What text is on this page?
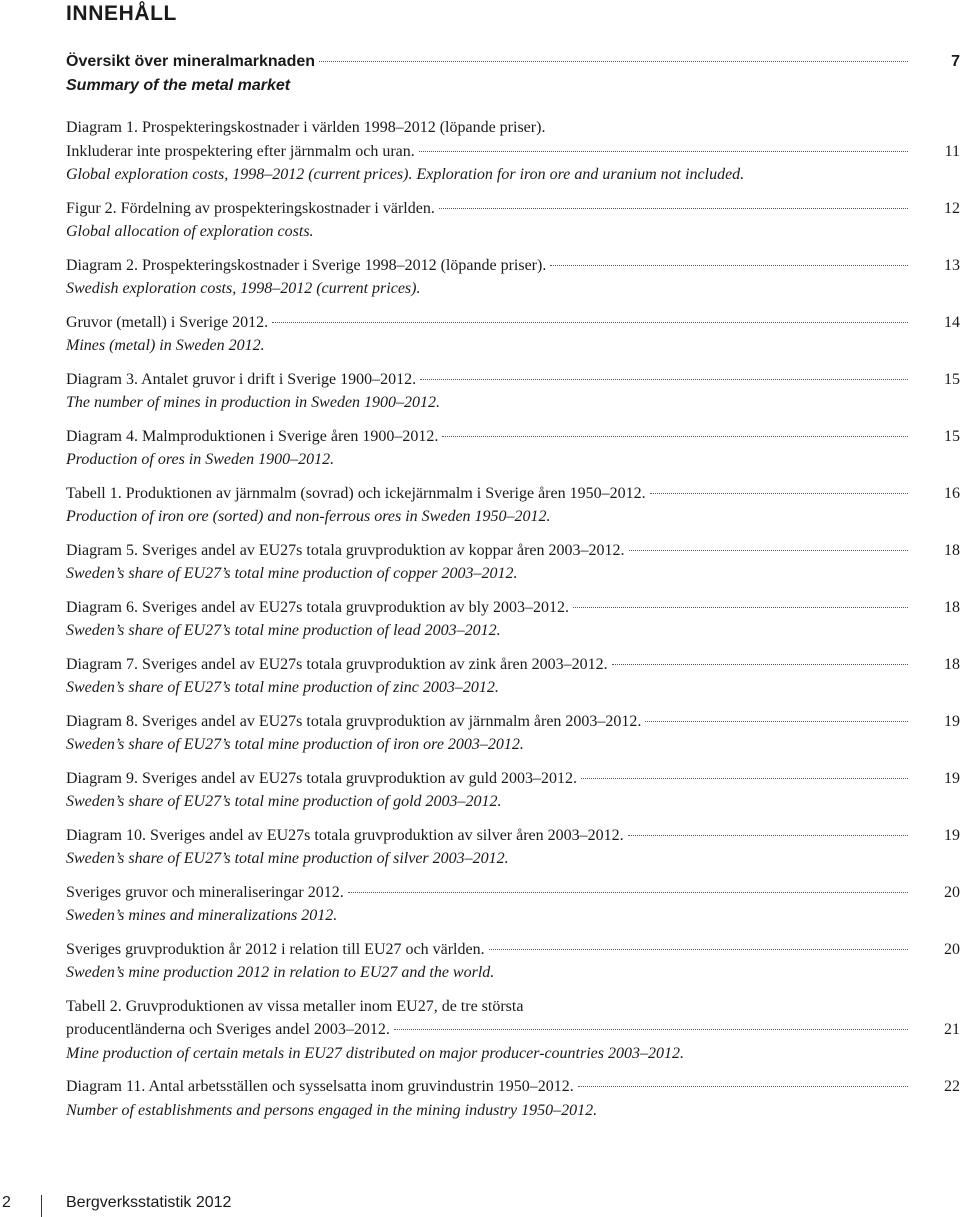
INNEHÅLL
Översikt över mineralmarknaden	7
Summary of the metal market
Diagram 1. Prospekteringskostnader i världen 1998–2012 (löpande priser).
Inkluderar inte prospektering efter järnmalm och uran.	11
Global exploration costs, 1998–2012 (current prices). Exploration for iron ore and uranium not included.
Figur 2. Fördelning av prospekteringskostnader i världen.	12
Global allocation of exploration costs.
Diagram 2. Prospekteringskostnader i Sverige 1998–2012 (löpande priser).	13
Swedish exploration costs, 1998–2012 (current prices).
Gruvor (metall) i Sverige 2012.	14
Mines (metal) in Sweden 2012.
Diagram 3. Antalet gruvor i drift i Sverige 1900–2012.	15
The number of mines in production in Sweden 1900–2012.
Diagram 4. Malmproduktionen i Sverige åren 1900–2012.	15
Production of ores in Sweden 1900–2012.
Tabell 1. Produktionen av järnmalm (sovrad) och ickejärnmalm i Sverige åren 1950–2012.	16
Production of iron ore (sorted) and non-ferrous ores in Sweden 1950–2012.
Diagram 5. Sveriges andel av EU27s totala gruvproduktion av koppar åren 2003–2012.	18
Sweden’s share of EU27’s total mine production of copper 2003–2012.
Diagram 6. Sveriges andel av EU27s totala gruvproduktion av bly 2003–2012.	18
Sweden’s share of EU27’s total mine production of lead 2003–2012.
Diagram 7. Sveriges andel av EU27s totala gruvproduktion av zink åren 2003–2012.	18
Sweden’s share of EU27’s total mine production of zinc 2003–2012.
Diagram 8. Sveriges andel av EU27s totala gruvproduktion av järnmalm åren 2003–2012.	19
Sweden’s share of EU27’s total mine production of iron ore 2003–2012.
Diagram 9. Sveriges andel av EU27s totala gruvproduktion av guld 2003–2012.	19
Sweden’s share of EU27’s total mine production of gold 2003–2012.
Diagram 10. Sveriges andel av EU27s totala gruvproduktion av silver åren 2003–2012.	19
Sweden’s share of EU27’s total mine production of silver 2003–2012.
Sveriges gruvor och mineraliseringar 2012.	20
Sweden’s mines and mineralizations 2012.
Sveriges gruvproduktion år 2012 i relation till EU27 och världen.	20
Sweden’s mine production 2012 in relation to EU27 and the world.
Tabell 2. Gruvproduktionen av vissa metaller inom EU27, de tre största
producentländerna och Sveriges andel 2003–2012.	21
Mine production of certain metals in EU27 distributed on major producer-countries 2003–2012.
Diagram 11. Antal arbetsställen och sysselsatta inom gruvindustrin 1950–2012.	22
Number of establishments and persons engaged in the mining industry 1950–2012.
2	Bergverksstatistik 2012
